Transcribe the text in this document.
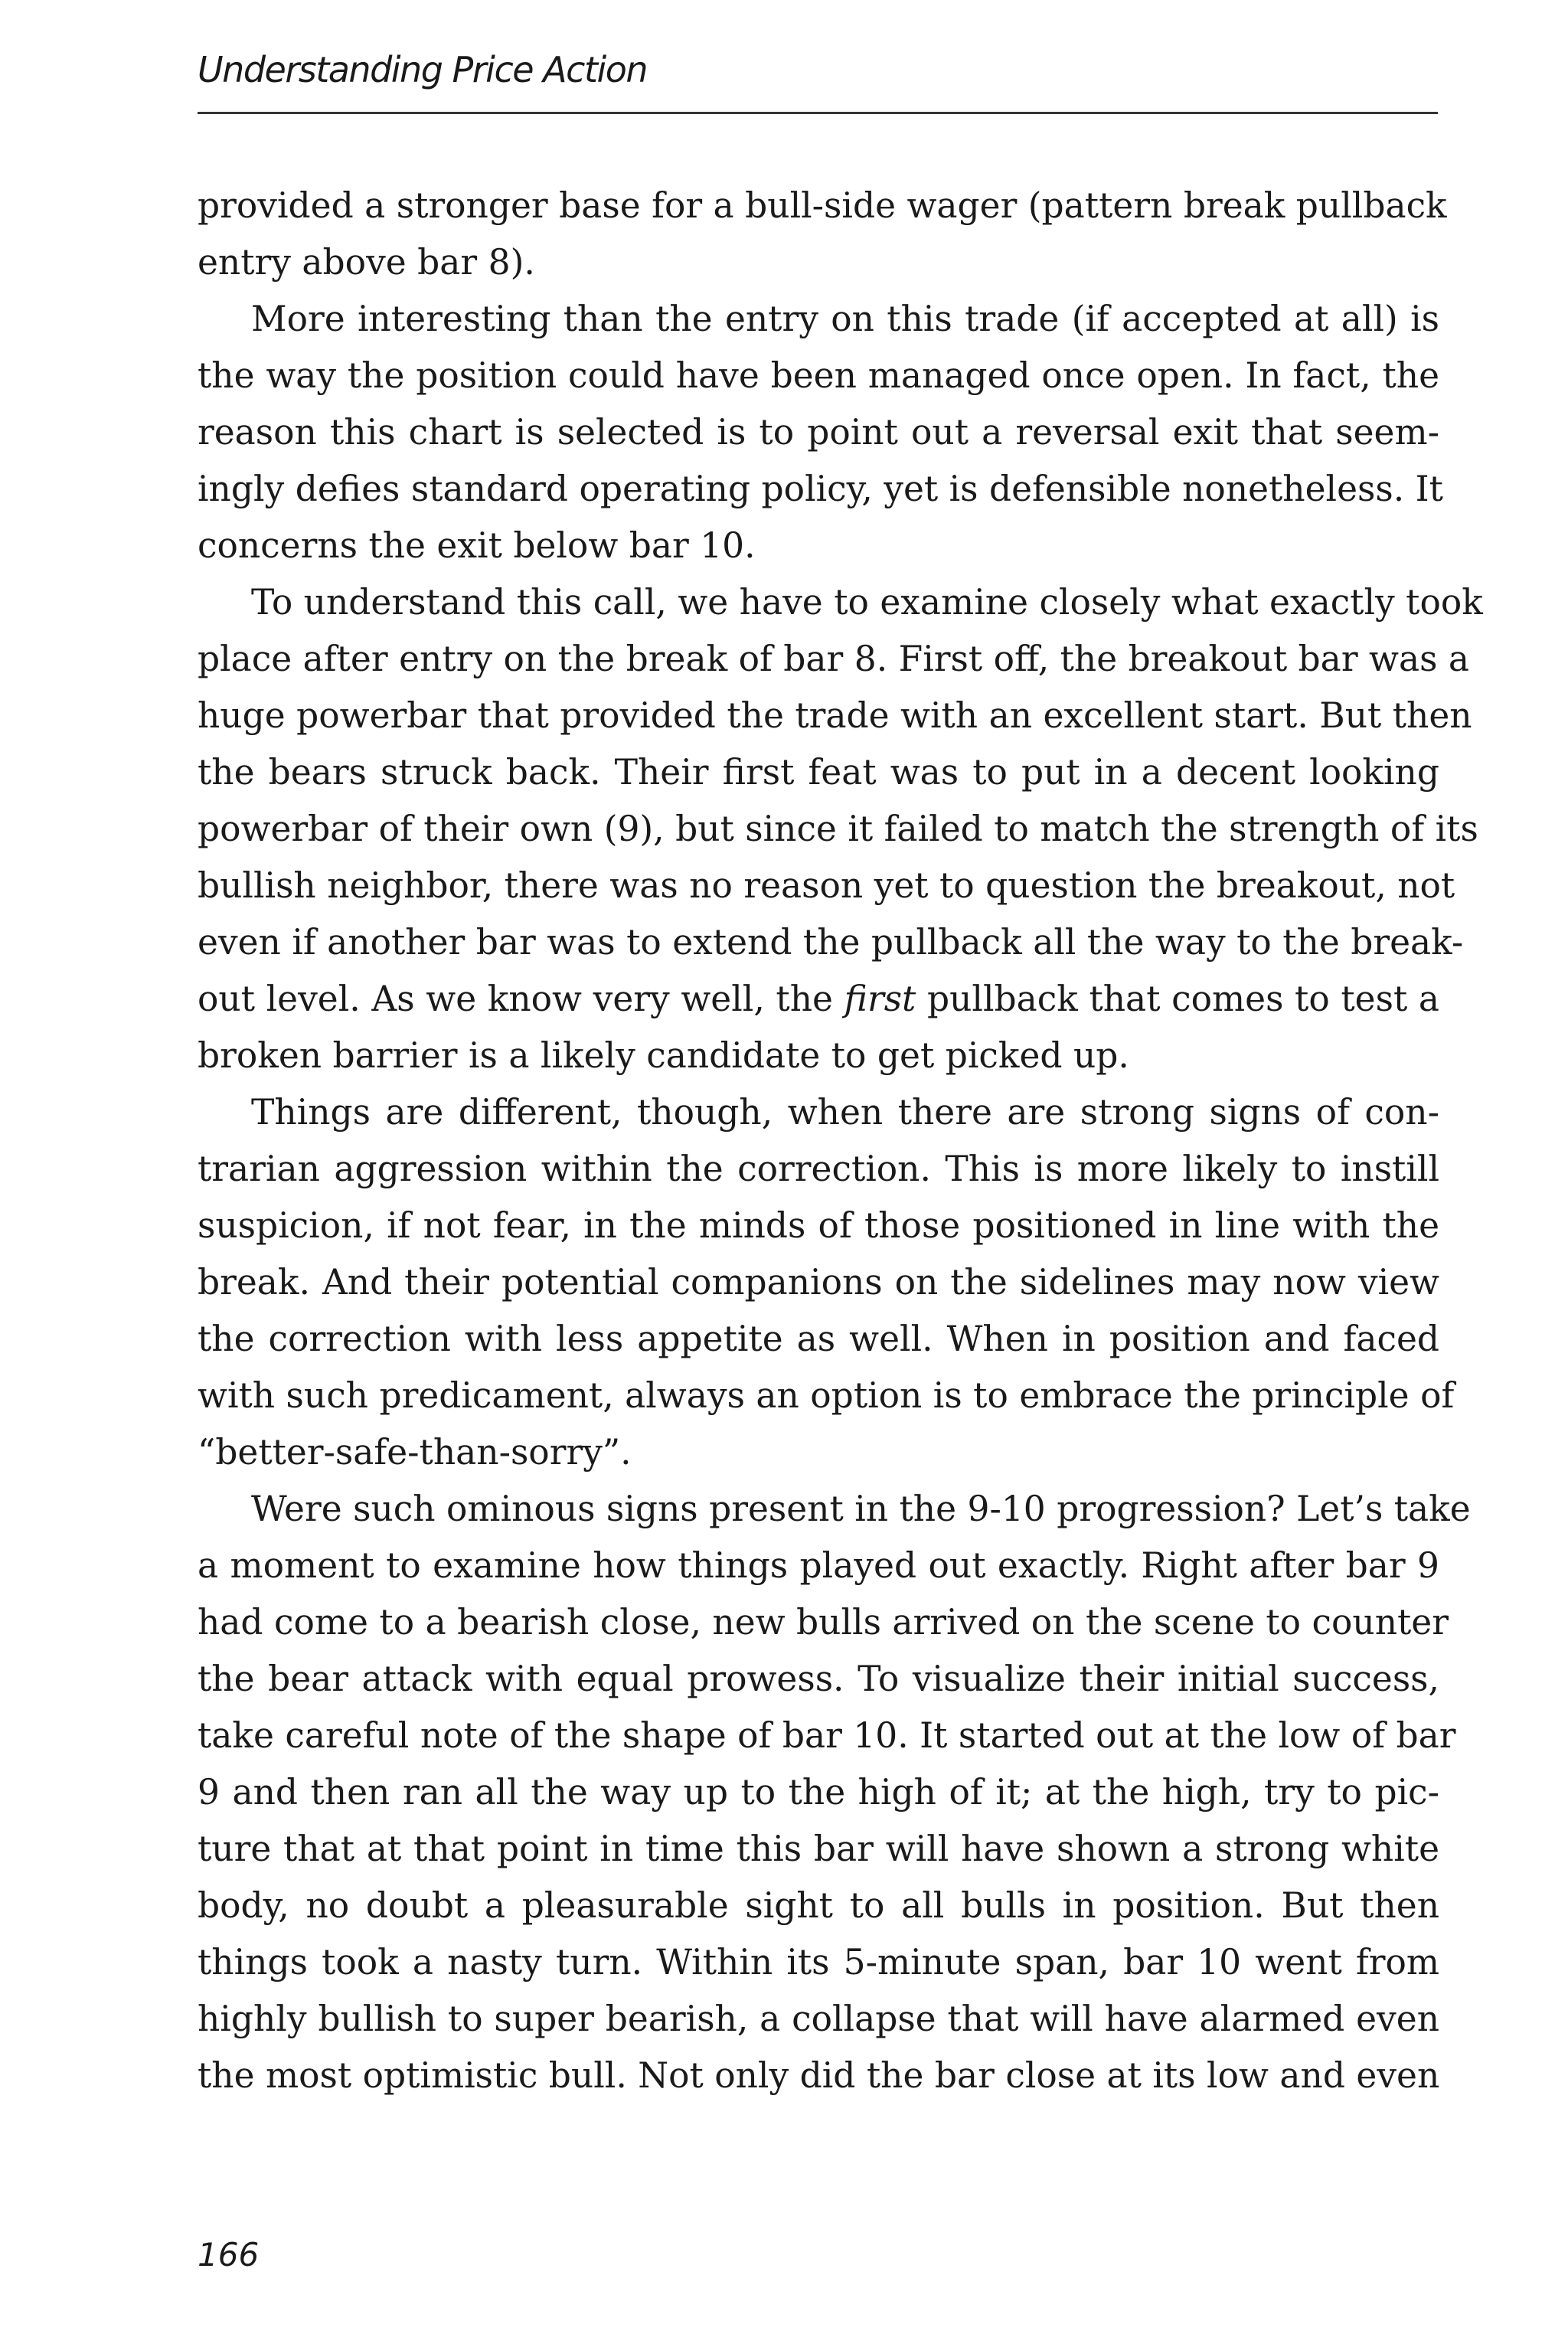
Understanding Price Action
provided a stronger base for a bull-side wager (pattern break pullback
entry above bar 8).
More interesting than the entry on this trade (if accepted at all) is
the way the position could have been managed once open. In fact, the
reason this chart is selected is to point out a reversal exit that seem-
ingly defies standard operating policy, yet is defensible nonetheless. It
concerns the exit below bar 10.
To understand this call, we have to examine closely what exactly took
place after entry on the break of bar 8. First off, the breakout bar was a
huge powerbar that provided the trade with an excellent start. But then
the bears struck back. Their first feat was to put in a decent looking
powerbar of their own (9), but since it failed to match the strength of its
bullish neighbor, there was no reason yet to question the breakout, not
even if another bar was to extend the pullback all the way to the break-
out level. As we know very well, the first pullback that comes to test a
broken barrier is a likely candidate to get picked up.
Things are different, though, when there are strong signs of con-
trarian aggression within the correction. This is more likely to instill
suspicion, if not fear, in the minds of those positioned in line with the
break. And their potential companions on the sidelines may now view
the correction with less appetite as well. When in position and faced
with such predicament, always an option is to embrace the principle of
“better-safe-than-sorry”.
Were such ominous signs present in the 9-10 progression? Let’s take
a moment to examine how things played out exactly. Right after bar 9
had come to a bearish close, new bulls arrived on the scene to counter
the bear attack with equal prowess. To visualize their initial success,
take careful note of the shape of bar 10. It started out at the low of bar
9 and then ran all the way up to the high of it; at the high, try to pic-
ture that at that point in time this bar will have shown a strong white
body, no doubt a pleasurable sight to all bulls in position. But then
things took a nasty turn. Within its 5-minute span, bar 10 went from
highly bullish to super bearish, a collapse that will have alarmed even
the most optimistic bull. Not only did the bar close at its low and even
166
